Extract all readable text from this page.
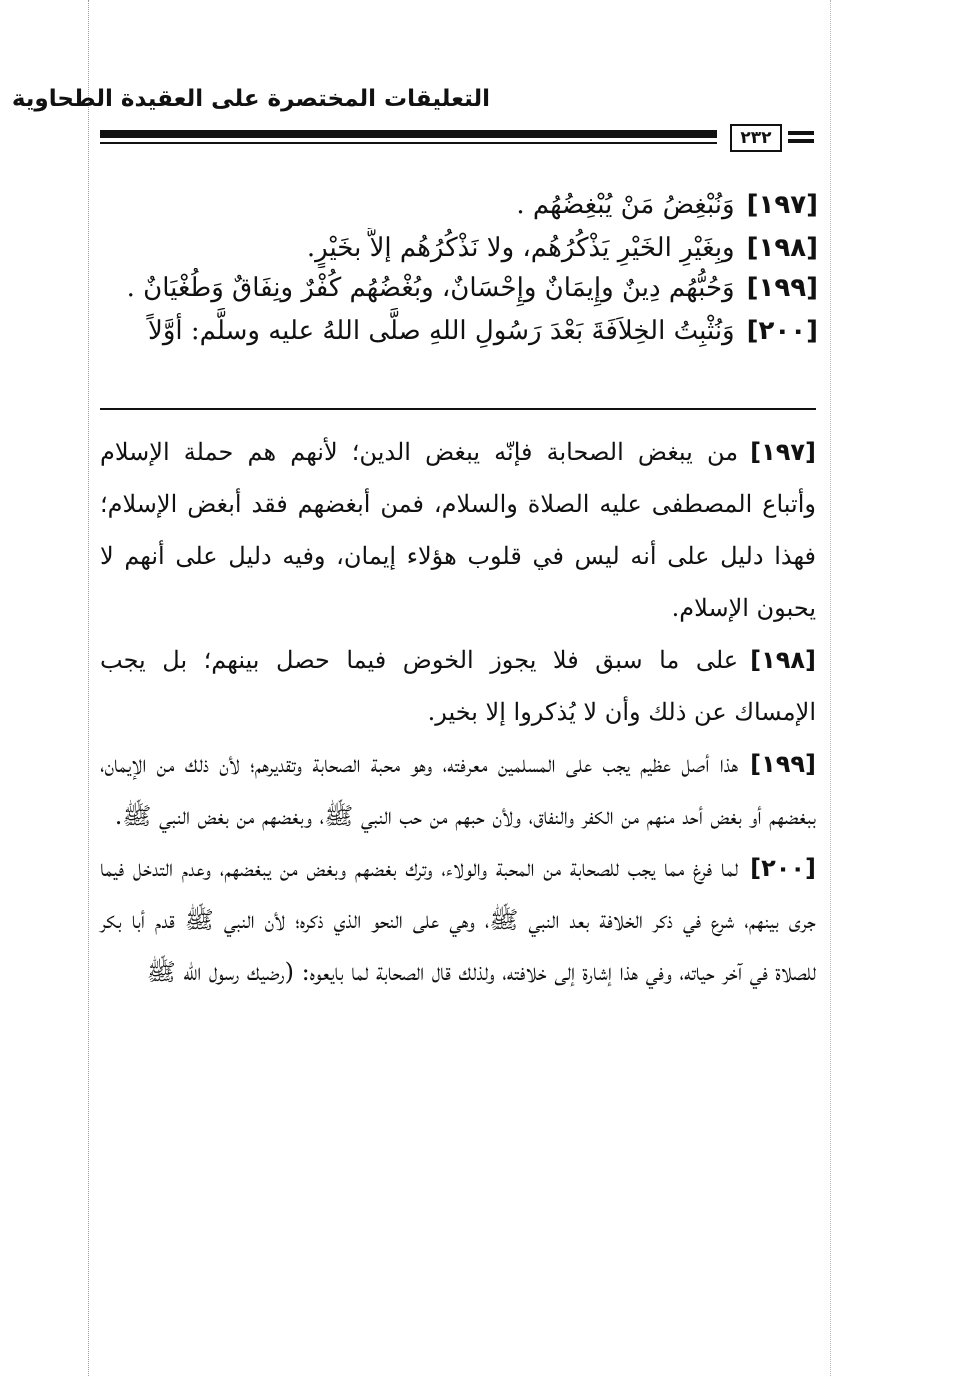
التعليقات المختصرة على العقيدة الطحاوية
٢٣٢
[١٩٧]وَنُبْغِضُ مَنْ يُبْغِضُهُم .
[١٩٨]وبِغَيْرِ الخَيْرِ يَذْكُرُهُم، ولا نَذْكُرُهُم إلاَّ بخَيْرٍ.
[١٩٩]وَحُبُّهُم دِينٌ وإِيمَانٌ وإِحْسَانٌ، وبُغْضُهُم كُفْرٌ ونِفَاقٌ وَطُغْيَانٌ .
[٢٠٠]وَنُثْبِتُ الخِلاَفَةَ بَعْدَ رَسُولِ اللهِ صلَّى اللهُ عليه وسلَّم: أوَّلاً

[١٩٧]من يبغض الصحابة فإنّه يبغض الدين؛ لأنهم هم حملة الإسلام وأتباع المصطفى عليه الصلاة والسلام، فمن أبغضهم فقد أبغض الإسلام؛ فهذا دليل على أنه ليس في قلوب هؤلاء إيمان، وفيه دليل على أنهم لا يحبون الإسلام.

[١٩٨]على ما سبق فلا يجوز الخوض فيما حصل بينهم؛ بل يجب الإمساك عن ذلك وأن لا يُذكروا إلا بخير.

[١٩٩]هذا أصل عظيم يجب على المسلمين معرفته، وهو محبة الصحابة وتقديرهم؛ لأن ذلك من الإيمان، ببغضهم أو بغض أحد منهم من الكفر والنفاق، ولأن حبهم من حب النبي ﷺ، وبغضهم من بغض النبي ﷺ.

[٢٠٠]لما فرغ مما يجب للصحابة من المحبة والولاء، وترك بغضهم وبغض من يبغضهم، وعدم التدخل فيما جرى بينهم، شرع في ذكر الخلافة بعد النبي ﷺ، وهي على النحو الذي ذكره؛ لأن النبي ﷺ قدم أبا بكر للصلاة في آخر حياته، وفي هذا إشارة إلى خلافته، ولذلك قال الصحابة لما بايعوه: (رضيك رسول الله ﷺ
